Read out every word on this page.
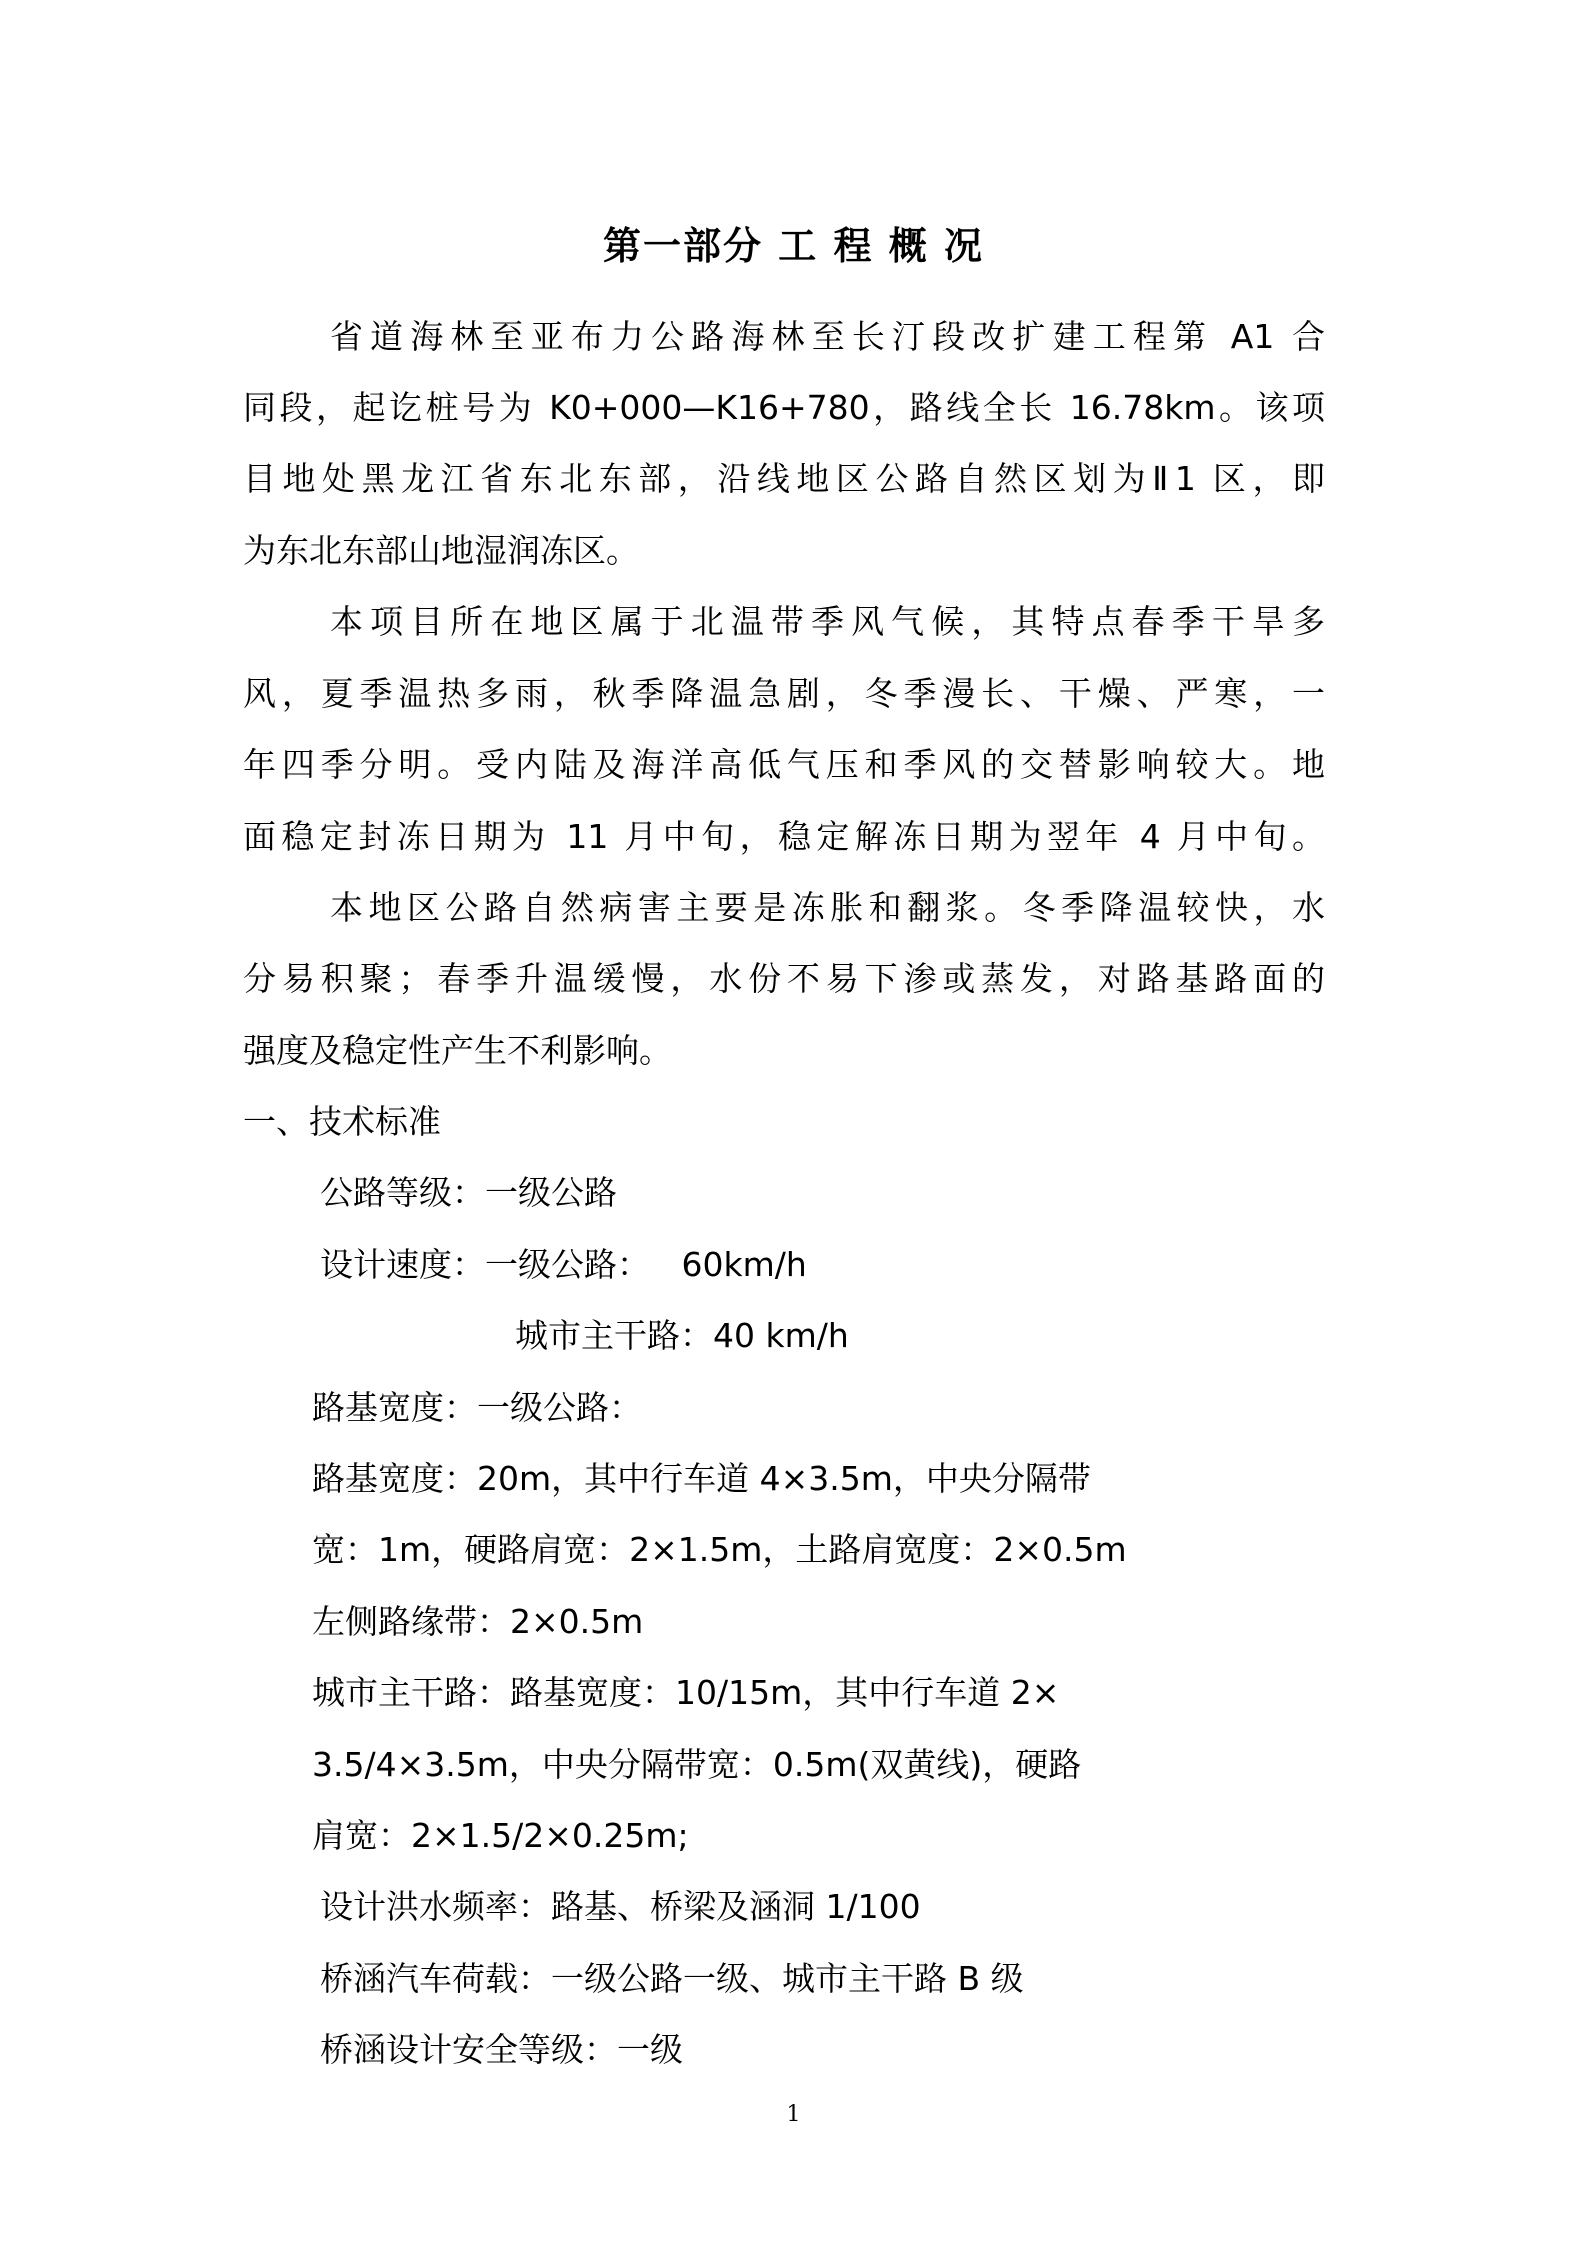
第一部分 工 程 概 况
省道海林至亚布力公路海林至长汀段改扩建工程第 A1 合
同段，起讫桩号为 K0+000—K16+780，路线全长 16.78km。该项
目地处黑龙江省东北东部，沿线地区公路自然区划为Ⅱ1 区，即
为东北东部山地湿润冻区。
本项目所在地区属于北温带季风气候，其特点春季干旱多
风，夏季温热多雨，秋季降温急剧，冬季漫长、干燥、严寒，一
年四季分明。受内陆及海洋高低气压和季风的交替影响较大。地
面稳定封冻日期为 11 月中旬，稳定解冻日期为翌年 4 月中旬。
本地区公路自然病害主要是冻胀和翻浆。冬季降温较快，水
分易积聚；春季升温缓慢，水份不易下渗或蒸发，对路基路面的
强度及稳定性产生不利影响。
一、技术标准
公路等级：一级公路
设计速度：一级公路：   60km/h
城市主干路：40 km/h
路基宽度：一级公路：
路基宽度：20m，其中行车道 4×3.5m，中央分隔带
宽：1m，硬路肩宽：2×1.5m，土路肩宽度：2×0.5m
左侧路缘带：2×0.5m
城市主干路：路基宽度：10/15m，其中行车道 2×
3.5/4×3.5m，中央分隔带宽：0.5m(双黄线)，硬路
肩宽：2×1.5/2×0.25m;
设计洪水频率：路基、桥梁及涵洞 1/100
桥涵汽车荷载：一级公路一级、城市主干路 B 级
桥涵设计安全等级：一级
1
